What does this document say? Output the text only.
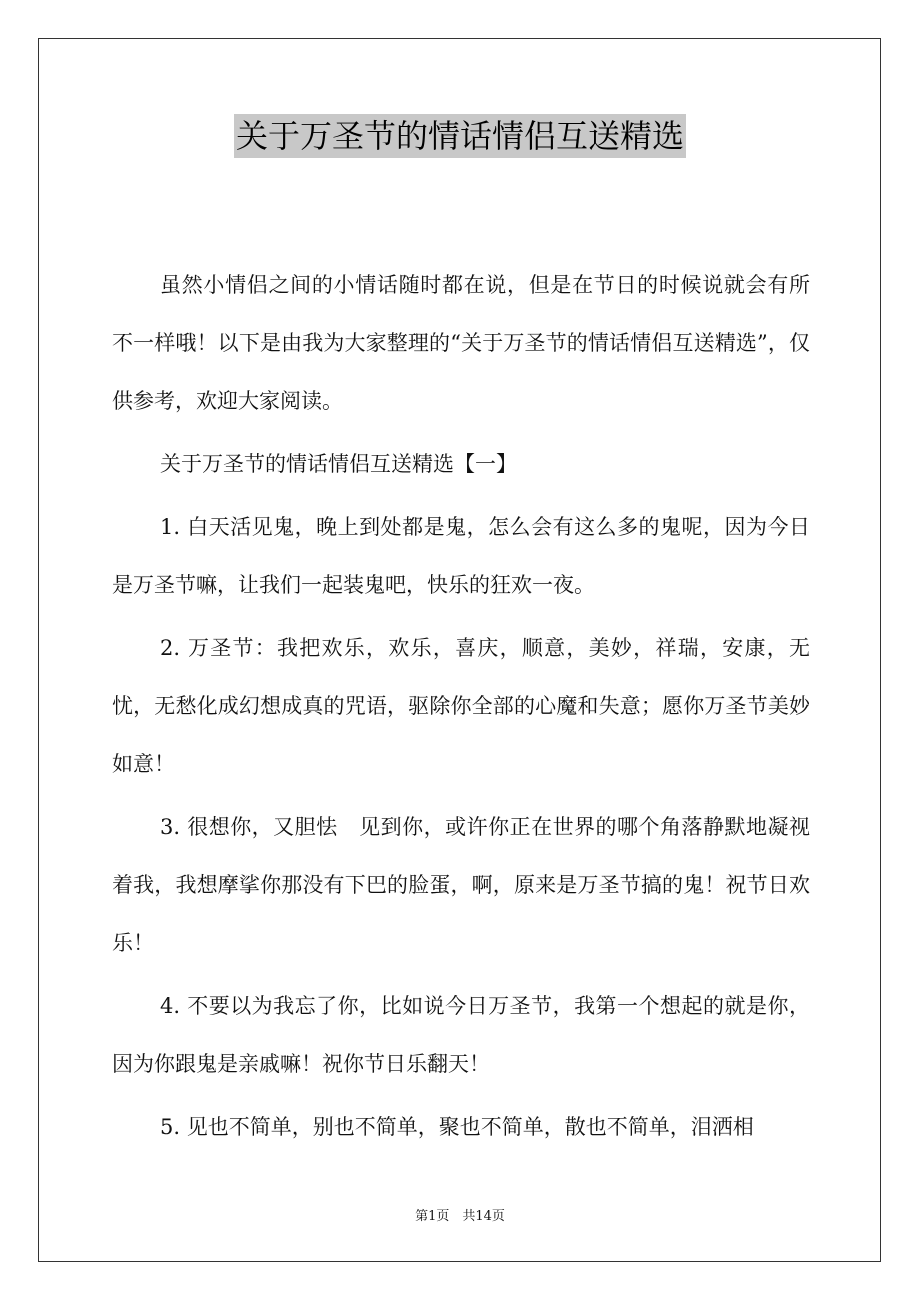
关于万圣节的情话情侣互送精选

虽然小情侣之间的小情话随时都在说，但是在节日的时候说就会有所不一样哦！以下是由我为大家整理的“关于万圣节的情话情侣互送精选”，仅供参考，欢迎大家阅读。

关于万圣节的情话情侣互送精选【一】

1. 白天活见鬼，晚上到处都是鬼，怎么会有这么多的鬼呢，因为今日是万圣节嘛，让我们一起装鬼吧，快乐的狂欢一夜。

2. 万圣节：我把欢乐，欢乐，喜庆，顺意，美妙，祥瑞，安康，无忧，无愁化成幻想成真的咒语，驱除你全部的心魔和失意；愿你万圣节美妙如意！

3. 很想你，又胆怯　见到你，或许你正在世界的哪个角落静默地凝视着我，我想摩挲你那没有下巴的脸蛋，啊，原来是万圣节搞的鬼！祝节日欢乐！

4. 不要以为我忘了你，比如说今日万圣节，我第一个想起的就是你，因为你跟鬼是亲戚嘛！祝你节日乐翻天！

5. 见也不简单，别也不简单，聚也不简单，散也不简单，泪洒相

第1页　共14页
